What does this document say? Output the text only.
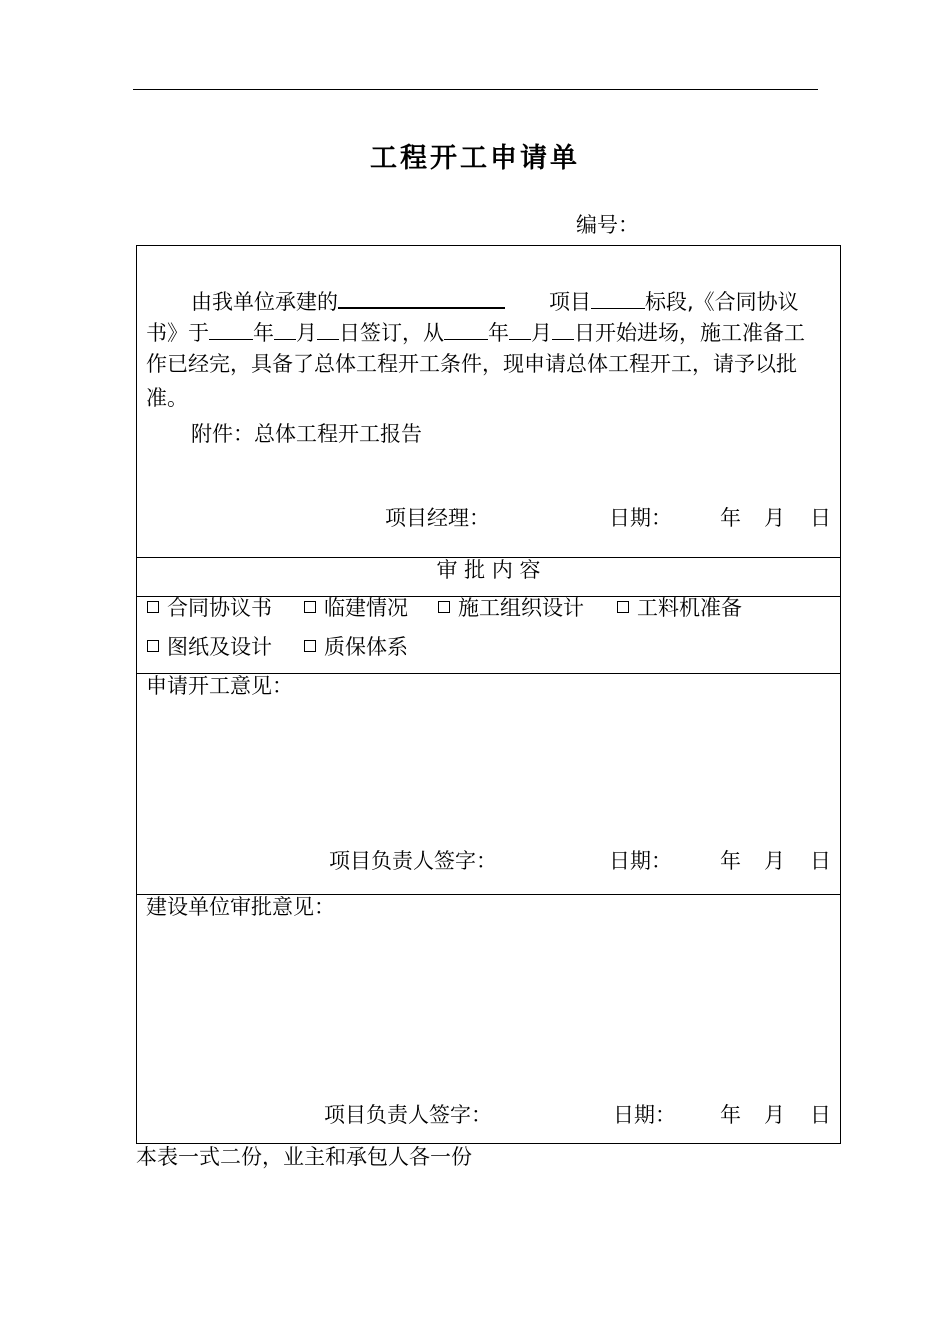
工程开工申请单
编号：
由我单位承建的	项目	标段,《合同协议
书》于 年 月 日签订，从 年 月 日开始进场，施工准备工
作已经完，具备了总体工程开工条件，现申请总体工程开工，请予以批
准。
附件：总体工程开工报告
项目经理：	日期： 年 月 日
审 批 内 容
合同协议书	临建情况	施工组织设计	工料机准备
图纸及设计	质保体系
申请开工意见：
项目负责人签字：	日期： 年 月 日
建设单位审批意见：
项目负责人签字：	日期： 年 月 日
本表一式二份，业主和承包人各一份
